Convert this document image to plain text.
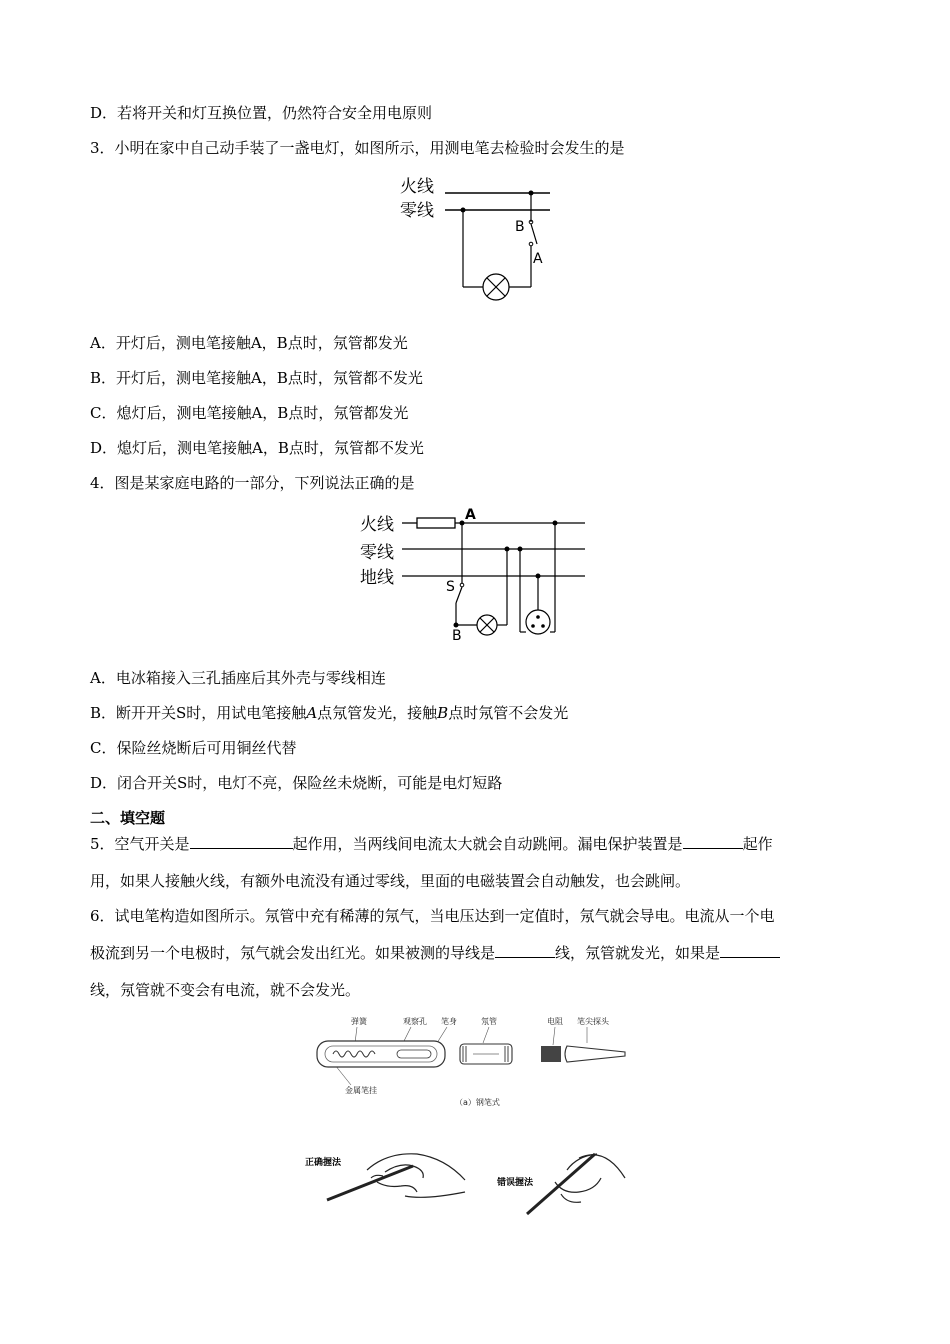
D．若将开关和灯互换位置，仍然符合安全用电原则
3．小明在家中自己动手装了一盏电灯，如图所示，用测电笔去检验时会发生的是
火线
零线
B
A
A．开灯后，测电笔接触A，B点时，氖管都发光
B．开灯后，测电笔接触A，B点时，氖管都不发光
C．熄灯后，测电笔接触A，B点时，氖管都发光
D．熄灯后，测电笔接触A，B点时，氖管都不发光
4．图是某家庭电路的一部分，下列说法正确的是
火线
零线
地线
A
S
B
A．电冰箱接入三孔插座后其外壳与零线相连
B．断开开关S时，用试电笔接触A点氖管发光，接触B点时氖管不会发光
C．保险丝烧断后可用铜丝代替
D．闭合开关S时，电灯不亮，保险丝未烧断，可能是电灯短路
二、填空题
5．空气开关是	起作用，当两线间电流太大就会自动跳闸。漏电保护装置是	起作
用，如果人接触火线，有额外电流没有通过零线，里面的电磁装置会自动触发，也会跳闸。
6．试电笔构造如图所示。氖管中充有稀薄的氖气，当电压达到一定值时，氖气就会导电。电流从一个电
极流到另一个电极时，氖气就会发出红光。如果被测的导线是	线，氖管就发光，如果是
线，氖管就不变会有电流，就不会发光。
弹簧	观察孔 笔身	氖管	电阻 笔尖探头
金属笔挂
（a）钢笔式
正确握法
错误握法
